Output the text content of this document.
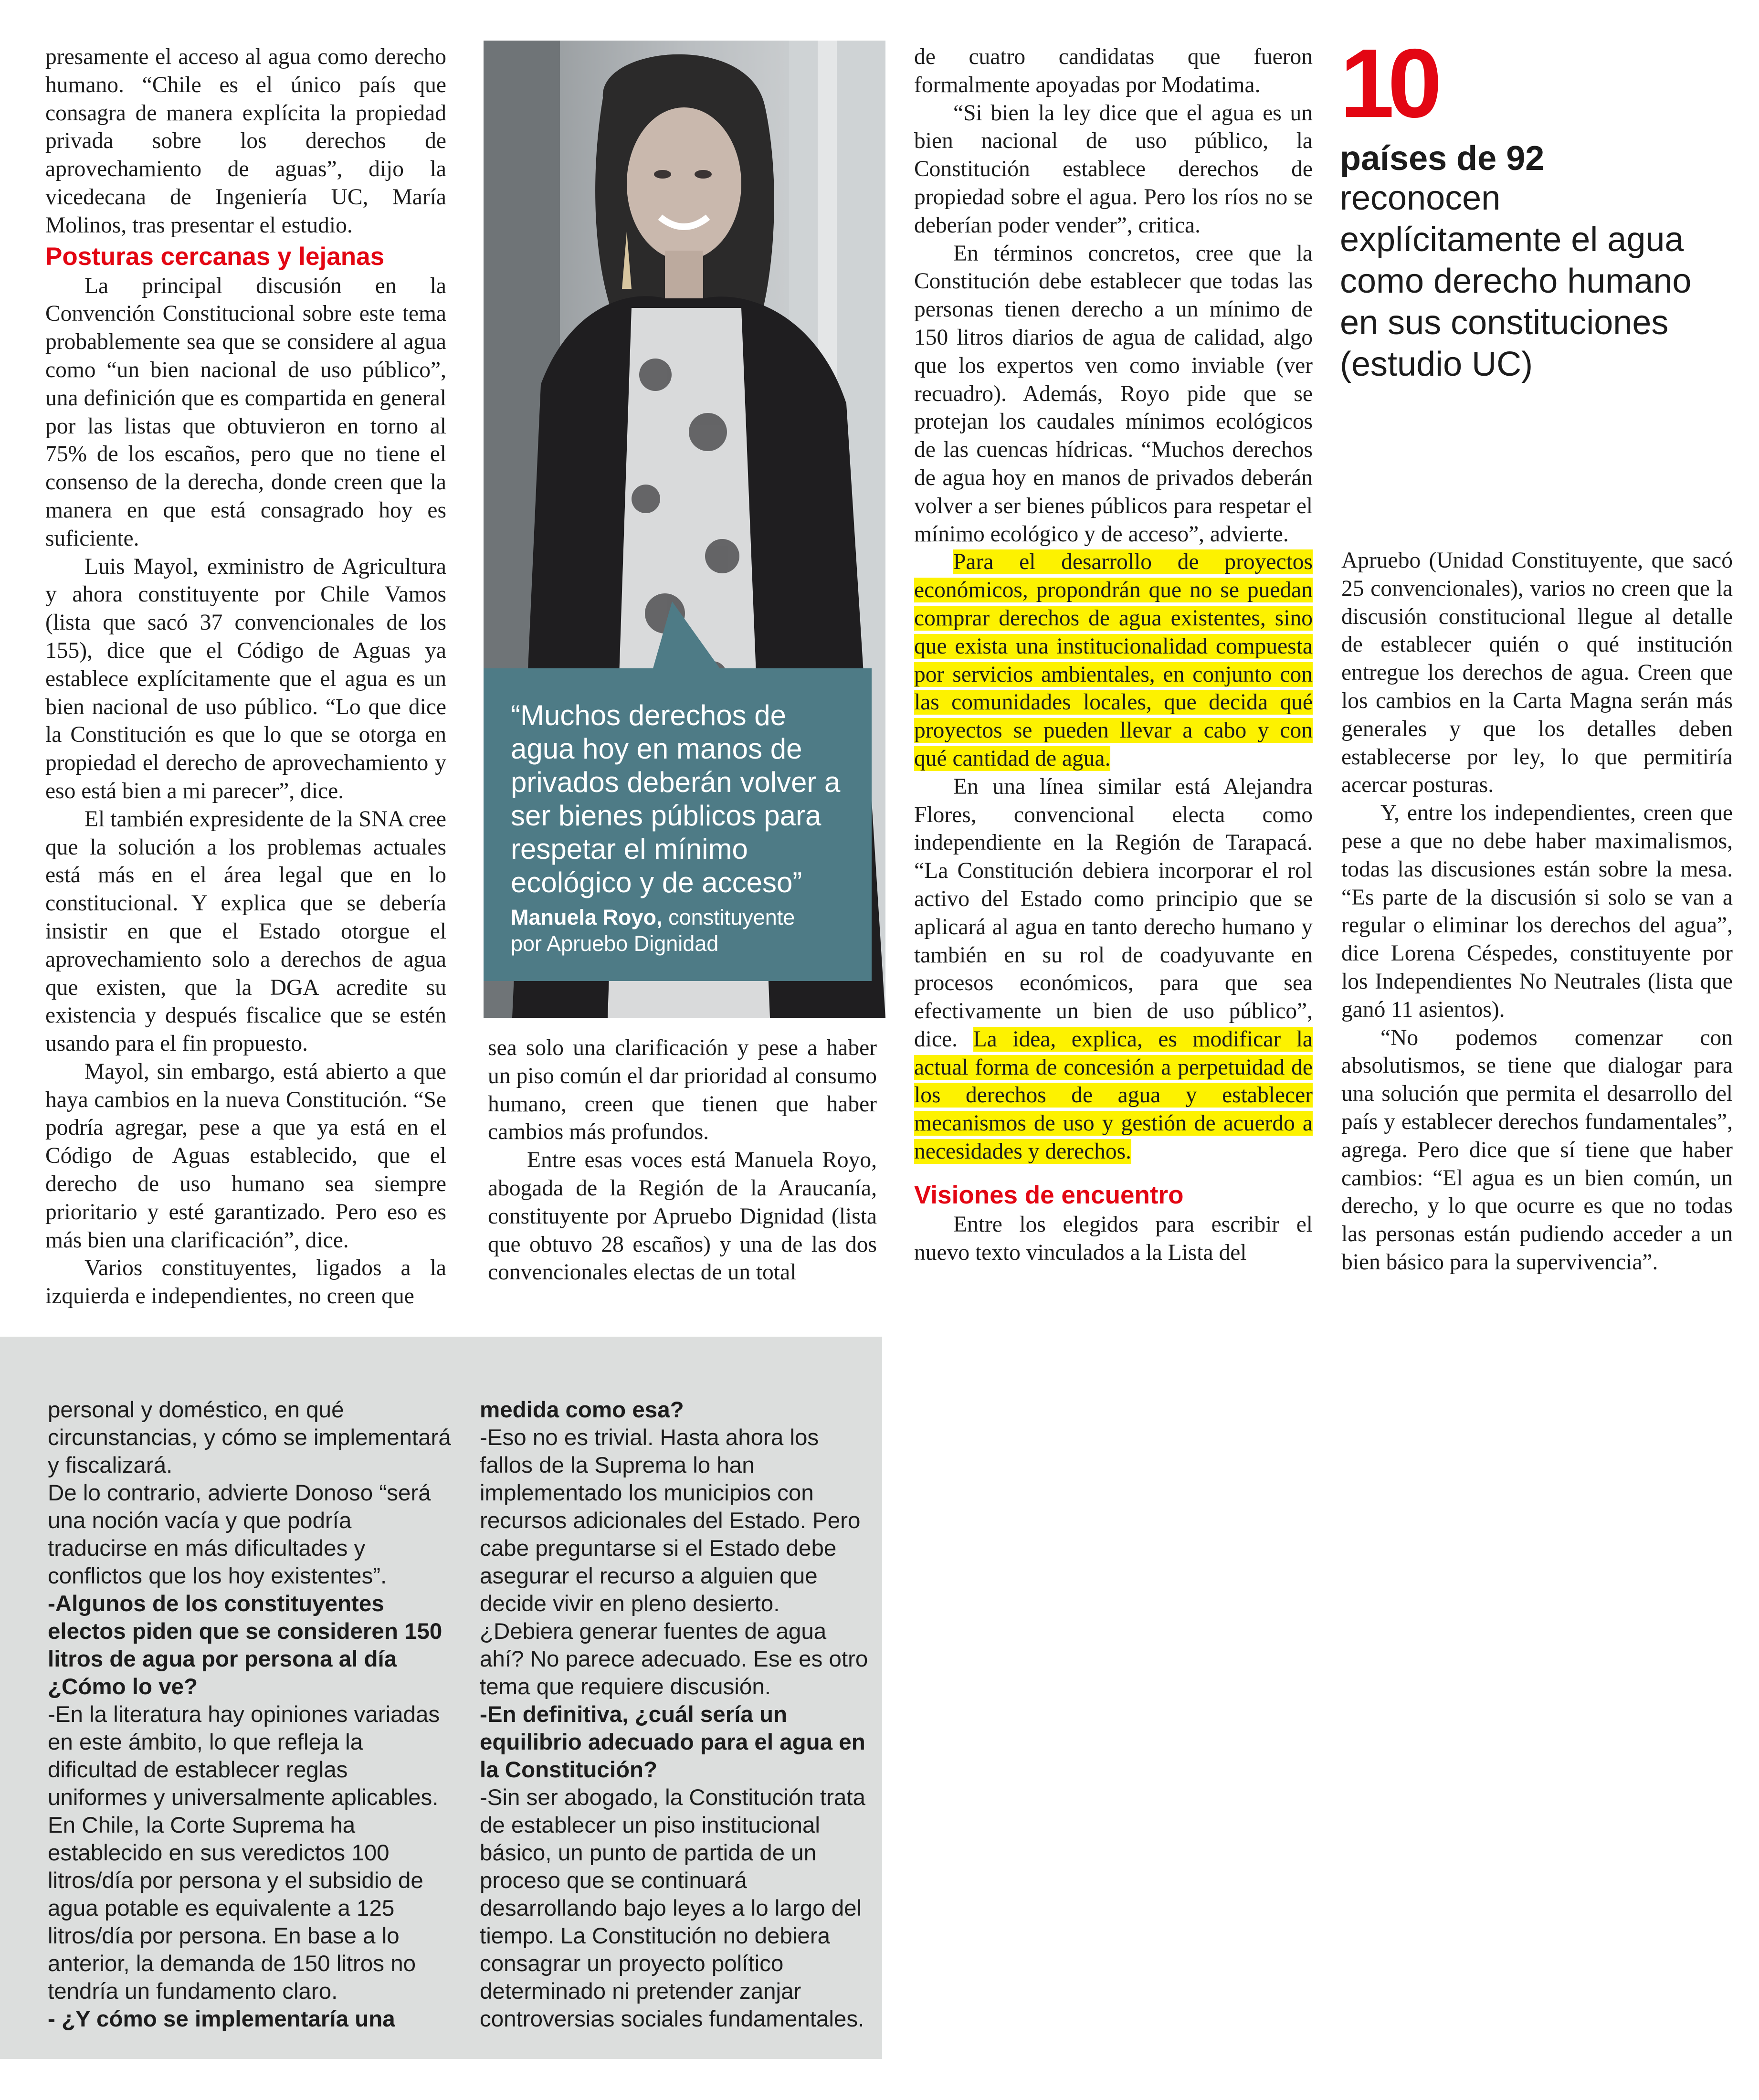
presamente el acceso al agua como derecho humano. “Chile es el único país que consagra de manera explícita la propiedad privada sobre los derechos de aprovechamiento de aguas”, dijo la vicedecana de Ingeniería UC, María Molinos, tras presentar el estudio.

Posturas cercanas y lejanas

La principal discusión en la Convención Constitucional sobre este tema probablemente sea que se considere al agua como “un bien nacional de uso público”, una definición que es compartida en general por las listas que obtuvieron en torno al 75% de los escaños, pero que no tiene el consenso de la derecha, donde creen que la manera en que está consagrado hoy es suficiente.

Luis Mayol, exministro de Agricultura y ahora constituyente por Chile Vamos (lista que sacó 37 convencionales de los 155), dice que el Código de Aguas ya establece explícitamente que el agua es un bien nacional de uso público. “Lo que dice la Constitución es que lo que se otorga en propiedad el derecho de aprovechamiento y eso está bien a mi parecer”, dice.

El también expresidente de la SNA cree que la solución a los problemas actuales está más en el área legal que en lo constitucional. Y explica que se debería insistir en que el Estado otorgue el aprovechamiento solo a derechos de agua que existen, que la DGA acredite su existencia y después fiscalice que se estén usando para el fin propuesto.

Mayol, sin embargo, está abierto a que haya cambios en la nueva Constitución. “Se podría agregar, pese a que ya está en el Código de Aguas establecido, que el derecho de uso humano sea siempre prioritario y esté garantizado. Pero eso es más bien una clarificación”, dice.

Varios constituyentes, ligados a la izquierda e independientes, no creen que

“Muchos derechos de agua hoy en manos de privados deberán volver a ser bienes públicos para respetar el mínimo ecológico y de acceso”
Manuela Royo, constituyente
por Apruebo Dignidad

sea solo una clarificación y pese a haber un piso común el dar prioridad al consumo humano, creen que tienen que haber cambios más profundos.

Entre esas voces está Manuela Royo, abogada de la Región de la Araucanía, constituyente por Apruebo Dignidad (lista que obtuvo 28 escaños) y una de las dos convencionales electas de un total

de cuatro candidatas que fueron formalmente apoyadas por Modatima.

“Si bien la ley dice que el agua es un bien nacional de uso público, la Constitución establece derechos de propiedad sobre el agua. Pero los ríos no se deberían poder vender”, critica.

En términos concretos, cree que la Constitución debe establecer que todas las personas tienen derecho a un mínimo de 150 litros diarios de agua de calidad, algo que los expertos ven como inviable (ver recuadro). Además, Royo pide que se protejan los caudales mínimos ecológicos de las cuencas hídricas. “Muchos derechos de agua hoy en manos de privados deberán volver a ser bienes públicos para respetar el mínimo ecológico y de acceso”, advierte.

Para el desarrollo de proyectos económicos, propondrán que no se puedan comprar derechos de agua existentes, sino que exista una institucionalidad compuesta por servicios ambientales, en conjunto con las comunidades locales, que decida qué proyectos se pueden llevar a cabo y con qué cantidad de agua.

En una línea similar está Alejandra Flores, convencional electa como independiente en la Región de Tarapacá. “La Constitución debiera incorporar el rol activo del Estado como principio que se aplicará al agua en tanto derecho humano y también en su rol de coadyuvante en procesos económicos, para que sea efectivamente un bien de uso público”, dice. La idea, explica, es modificar la actual forma de concesión a perpetuidad de los derechos de agua y establecer mecanismos de uso y gestión de acuerdo a necesidades y derechos.

Visiones de encuentro

Entre los elegidos para escribir el nuevo texto vinculados a la Lista del

10
países de 92
reconocen explícitamente el agua como derecho humano en sus constituciones (estudio UC)

Apruebo (Unidad Constituyente, que sacó 25 convencionales), varios no creen que la discusión constitucional llegue al detalle de establecer quién o qué institución entregue los derechos de agua. Creen que los cambios en la Carta Magna serán más generales y que los detalles deben establecerse por ley, lo que permitiría acercar posturas.

Y, entre los independientes, creen que pese a que no debe haber maximalismos, todas las discusiones están sobre la mesa. “Es parte de la discusión si solo se van a regular o eliminar los derechos del agua”, dice Lorena Céspedes, constituyente por los Independientes No Neutrales (lista que ganó 11 asientos).

“No podemos comenzar con absolutismos, se tiene que dialogar para una solución que permita el desarrollo del país y establecer derechos fundamentales”, agrega. Pero dice que sí tiene que haber cambios: “El agua es un bien común, un derecho, y lo que ocurre es que no todas las personas están pudiendo acceder a un bien básico para la supervivencia”.

personal y doméstico, en qué circunstancias, y cómo se implementará y fiscalizará.

De lo contrario, advierte Donoso “será una noción vacía y que podría traducirse en más dificultades y conflictos que los hoy existentes”.

-Algunos de los constituyentes electos piden que se consideren 150 litros de agua por persona al día ¿Cómo lo ve?

-En la literatura hay opiniones variadas en este ámbito, lo que refleja la dificultad de establecer reglas uniformes y universalmente aplicables. En Chile, la Corte Suprema ha establecido en sus veredictos 100 litros/día por persona y el subsidio de agua potable es equivalente a 125 litros/día por persona. En base a lo anterior, la demanda de 150 litros no tendría un fundamento claro.

- ¿Y cómo se implementaría una

medida como esa?

-Eso no es trivial. Hasta ahora los fallos de la Suprema lo han implementado los municipios con recursos adicionales del Estado. Pero cabe preguntarse si el Estado debe asegurar el recurso a alguien que decide vivir en pleno desierto. ¿Debiera generar fuentes de agua ahí? No parece adecuado. Ese es otro tema que requiere discusión.

-En definitiva, ¿cuál sería un equilibrio adecuado para el agua en la Constitución?

-Sin ser abogado, la Constitución trata de establecer un piso institucional básico, un punto de partida de un proceso que se continuará desarrollando bajo leyes a lo largo del tiempo. La Constitución no debiera consagrar un proyecto político determinado ni pretender zanjar controversias sociales fundamentales.
